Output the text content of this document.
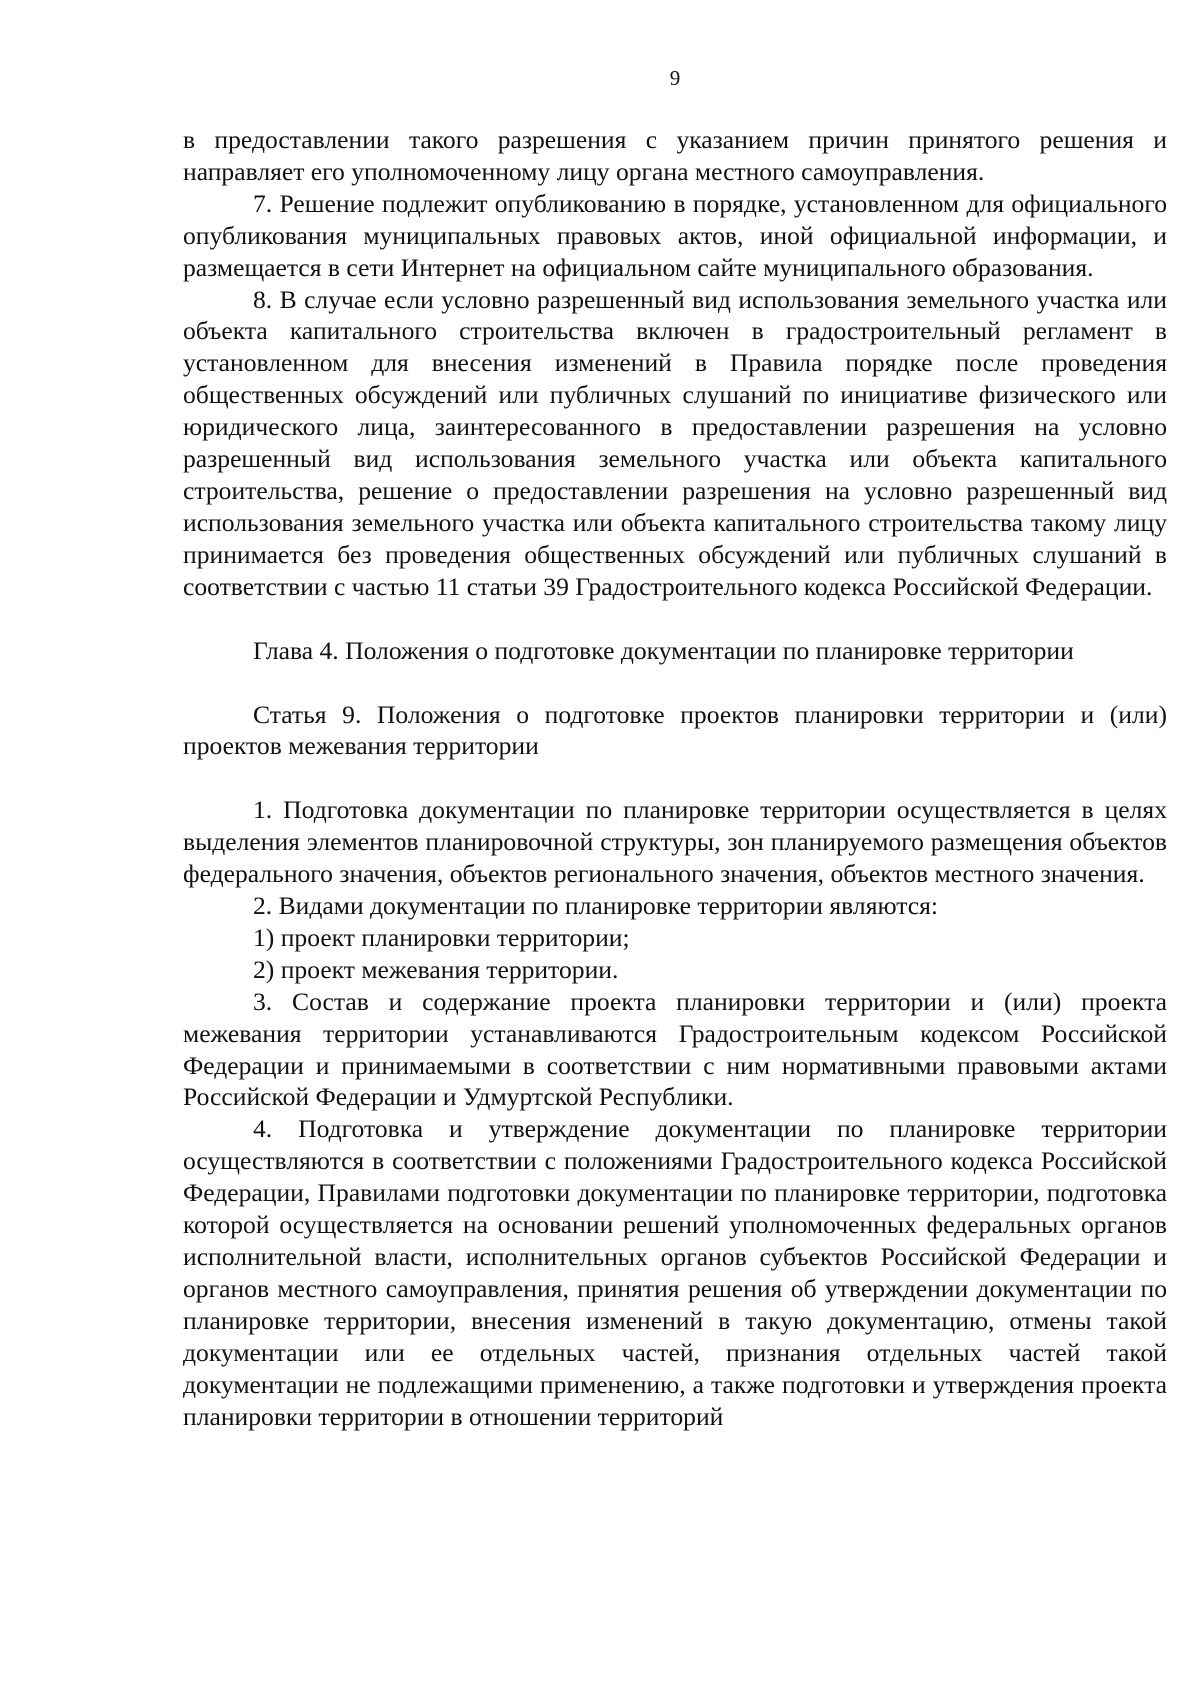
9

в предоставлении такого разрешения с указанием причин принятого решения и направляет его уполномоченному лицу органа местного самоуправления.

7. Решение подлежит опубликованию в порядке, установленном для официального опубликования муниципальных правовых актов, иной официальной информации, и размещается в сети Интернет на официальном сайте муниципального образования.

8. В случае если условно разрешенный вид использования земельного участка или объекта капитального строительства включен в градостроительный регламент в установленном для внесения изменений в Правила порядке после проведения общественных обсуждений или публичных слушаний по инициативе физического или юридического лица, заинтересованного в предоставлении разрешения на условно разрешенный вид использования земельного участка или объекта капитального строительства, решение о предоставлении разрешения на условно разрешенный вид использования земельного участка или объекта капитального строительства такому лицу принимается без проведения общественных обсуждений или публичных слушаний в соответствии с частью 11 статьи 39 Градостроительного кодекса Российской Федерации.

Глава 4. Положения о подготовке документации по планировке территории

Статья 9. Положения о подготовке проектов планировки территории и (или) проектов межевания территории

1. Подготовка документации по планировке территории осуществляется в целях выделения элементов планировочной структуры, зон планируемого размещения объектов федерального значения, объектов регионального значения, объектов местного значения.

2. Видами документации по планировке территории являются:

1) проект планировки территории;

2) проект межевания территории.

3. Состав и содержание проекта планировки территории и (или) проекта межевания территории устанавливаются Градостроительным кодексом Российской Федерации и принимаемыми в соответствии с ним нормативными правовыми актами Российской Федерации и Удмуртской Республики.

4. Подготовка и утверждение документации по планировке территории осуществляются в соответствии с положениями Градостроительного кодекса Российской Федерации, Правилами подготовки документации по планировке территории, подготовка которой осуществляется на основании решений уполномоченных федеральных органов исполнительной власти, исполнительных органов субъектов Российской Федерации и органов местного самоуправления, принятия решения об утверждении документации по планировке территории, внесения изменений в такую документацию, отмены такой документации или ее отдельных частей, признания отдельных частей такой документации не подлежащими применению, а также подготовки и утверждения проекта планировки территории в отношении территорий
